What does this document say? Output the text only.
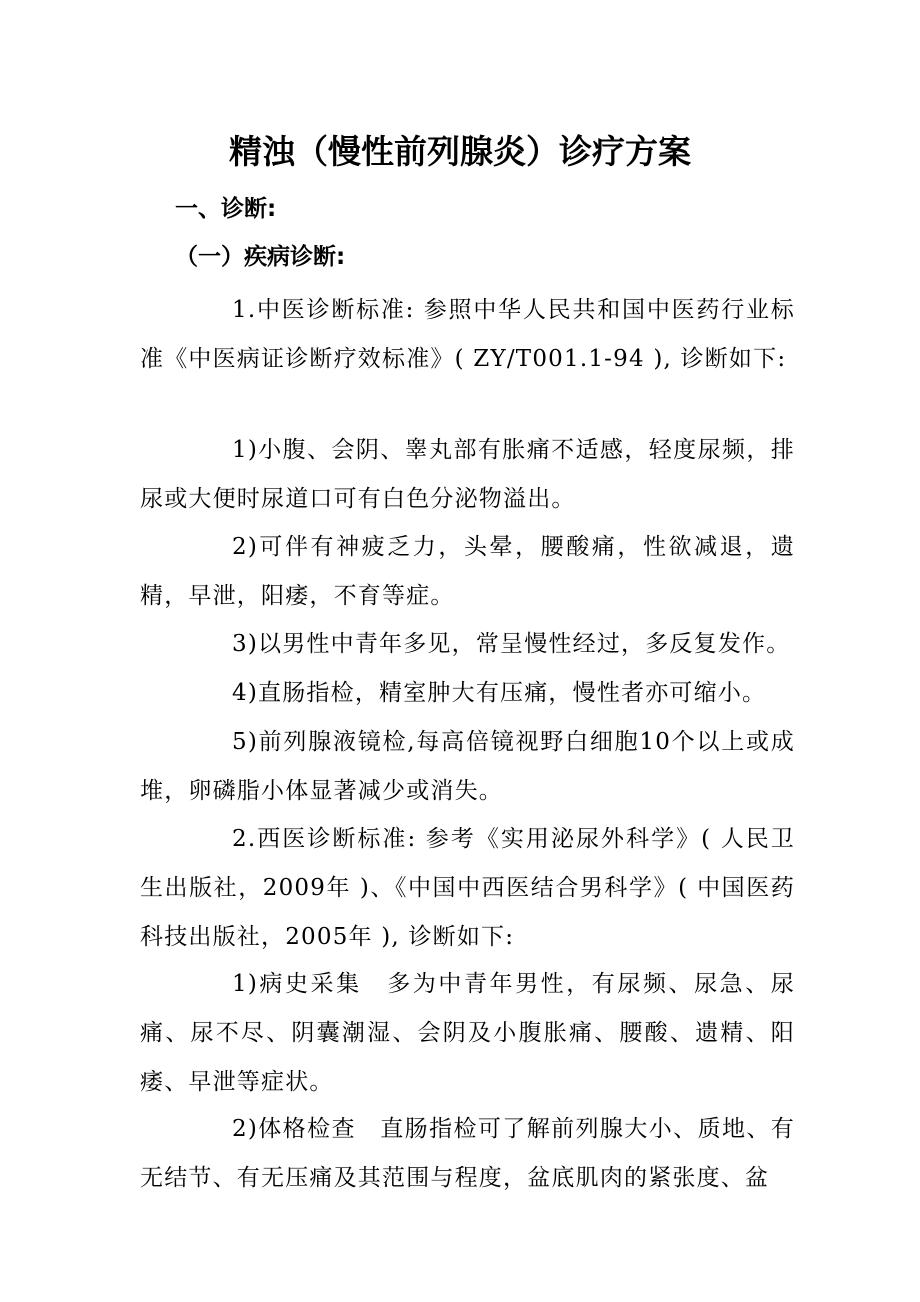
精浊（慢性前列腺炎）诊疗方案
一、诊断:
（一）疾病诊断:

1.中医诊断标准: 参照中华人民共和国中医药行业标准《中医病证诊断疗效标准》( ZY/T001.1-94 ), 诊断如下:

1)小腹、会阴、睾丸部有胀痛不适感，轻度尿频，排尿或大便时尿道口可有白色分泌物溢出。

2)可伴有神疲乏力，头晕，腰酸痛，性欲减退，遗精，早泄，阳痿，不育等症。

3)以男性中青年多见，常呈慢性经过，多反复发作。

4)直肠指检，精室肿大有压痛，慢性者亦可缩小。

5)前列腺液镜检,每高倍镜视野白细胞10个以上或成堆，卵磷脂小体显著减少或消失。

2.西医诊断标准: 参考《实用泌尿外科学》( 人民卫生出版社，2009年 )、《中国中西医结合男科学》( 中国医药科技出版社，2005年 ), 诊断如下:

1)病史采集　多为中青年男性，有尿频、尿急、尿痛、尿不尽、阴囊潮湿、会阴及小腹胀痛、腰酸、遗精、阳痿、早泄等症状。

2)体格检查　直肠指检可了解前列腺大小、质地、有无结节、有无压痛及其范围与程度，盆底肌肉的紧张度、盆
